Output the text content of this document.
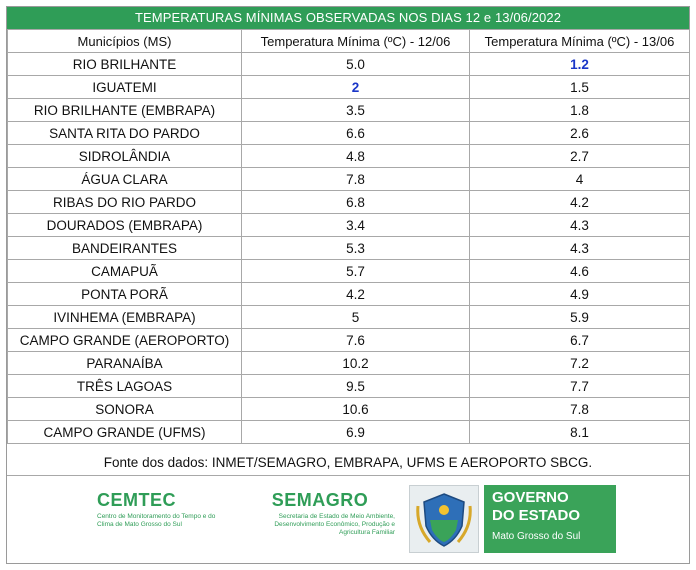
TEMPERATURAS MÍNIMAS OBSERVADAS NOS DIAS 12 e 13/06/2022
Municípios (MS)	Temperatura Mínima (ºC) - 12/06	Temperatura Mínima (ºC) - 13/06
RIO BRILHANTE	5.0	1.2
IGUATEMI	2	1.5
RIO BRILHANTE (EMBRAPA)	3.5	1.8
SANTA RITA DO PARDO	6.6	2.6
SIDROLÂNDIA	4.8	2.7
ÁGUA CLARA	7.8	4
RIBAS DO RIO PARDO	6.8	4.2
DOURADOS (EMBRAPA)	3.4	4.3
BANDEIRANTES	5.3	4.3
CAMAPUÃ	5.7	4.6
PONTA PORÃ	4.2	4.9
IVINHEMA (EMBRAPA)	5	5.9
CAMPO GRANDE (AEROPORTO)	7.6	6.7
PARANAÍBA	10.2	7.2
TRÊS LAGOAS	9.5	7.7
SONORA	10.6	7.8
CAMPO GRANDE (UFMS)	6.9	8.1
Fonte dos dados: INMET/SEMAGRO, EMBRAPA, UFMS E AEROPORTO SBCG.
CEMTEC
Centro de Monitoramento do Tempo e do Clima de Mato Grosso do Sul
SEMAGRO
Secretaria de Estado de Meio Ambiente, Desenvolvimento Econômico, Produção e Agricultura Familiar
GOVERNO
DO ESTADO
Mato Grosso do Sul
